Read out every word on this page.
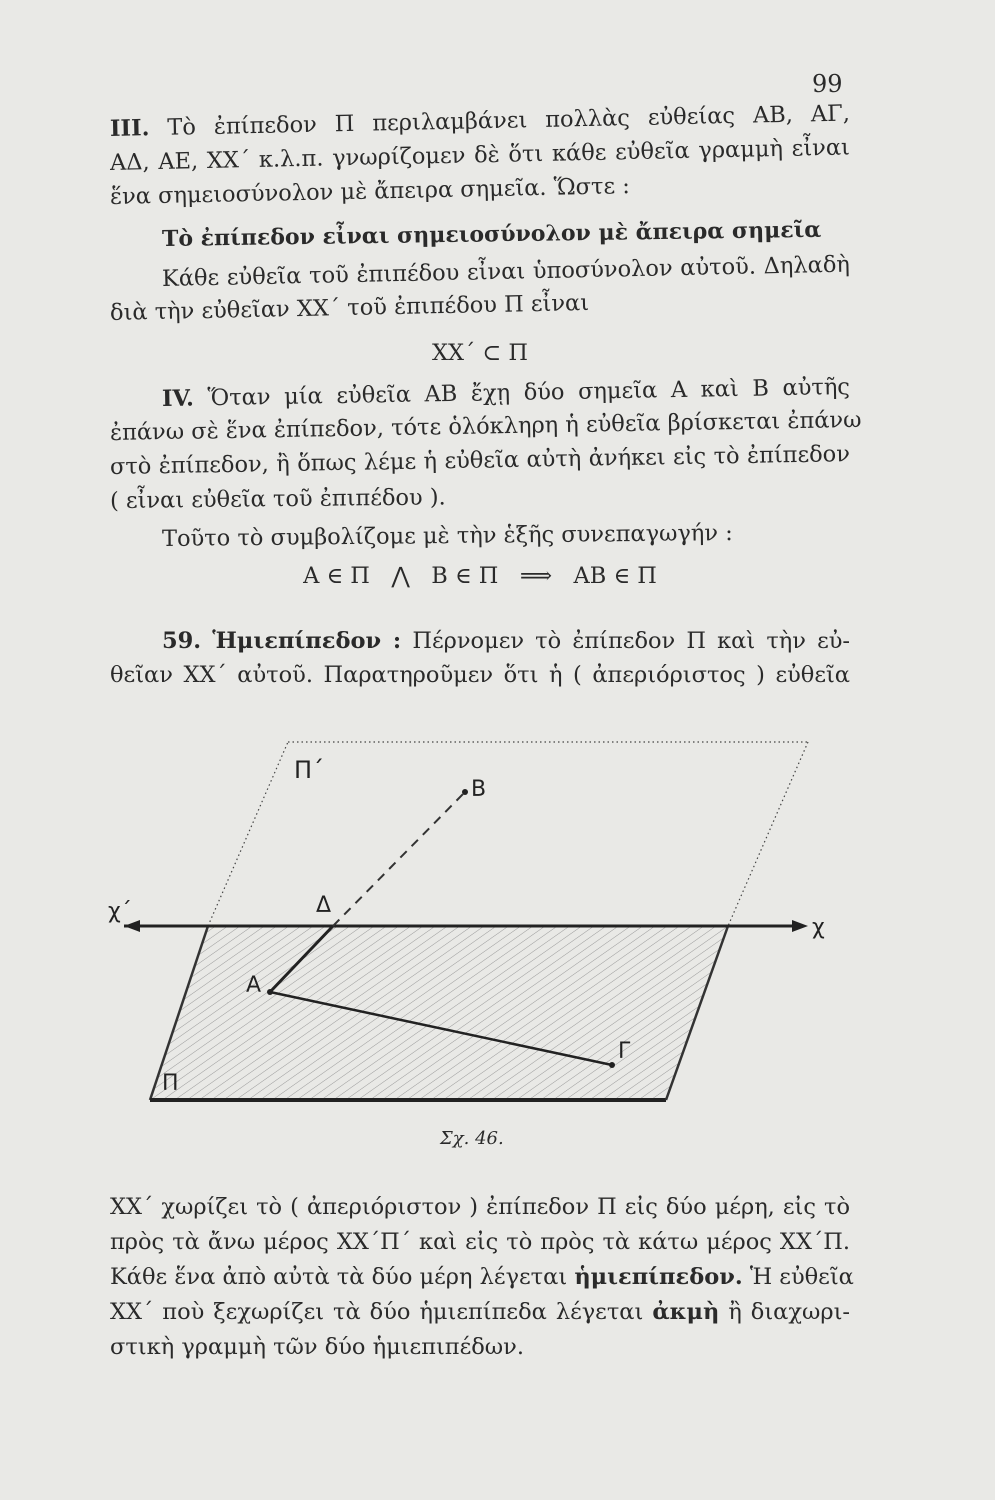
99
ΙΙΙ. Τὸ ἐπίπεδον Π περιλαμβάνει πολλὰς εὐθείας ΑΒ, ΑΓ,
ΑΔ, ΑΕ, ΧΧ΄ κ.λ.π. γνωρίζομεν δὲ ὅτι κάθε εὐθεῖα γραμμὴ εἶναι
ἕνα σημειοσύνολον μὲ ἄπειρα σημεῖα. Ὥστε :
Τὸ ἐπίπεδον εἶναι σημειοσύνολον μὲ ἄπειρα σημεῖα
Κάθε εὐθεῖα τοῦ ἐπιπέδου εἶναι ὑποσύνολον αὐτοῦ. Δηλαδὴ
διὰ τὴν εὐθεῖαν ΧΧ΄ τοῦ ἐπιπέδου Π εἶναι
ΧΧ΄ ⊂ Π
ΙV. Ὅταν μία εὐθεῖα ΑΒ ἔχῃ δύο σημεῖα Α καὶ Β αὐτῆς
ἐπάνω σὲ ἕνα ἐπίπεδον, τότε ὁλόκληρη ἡ εὐθεῖα βρίσκεται ἐπάνω
στὸ ἐπίπεδον, ἢ ὅπως λέμε ἡ εὐθεῖα αὐτὴ ἀνήκει εἰς τὸ ἐπίπεδον
( εἶναι εὐθεῖα τοῦ ἐπιπέδου ).
Τοῦτο τὸ συμβολίζομε μὲ τὴν ἑξῆς συνεπαγωγήν :
Α ∈ Π   ⋀   Β ∈ Π   ⟹   ΑΒ ∈ Π
59. Ἡμιεπίπεδον : Πέρνομεν τὸ ἐπίπεδον Π καὶ τὴν εὐ-
θεῖαν ΧΧ΄ αὐτοῦ. Παρατηροῦμεν ὅτι ἡ ( ἀπεριόριστος ) εὐθεῖα
Π΄
Π
Β
Δ
Α
Γ
χ΄
χ
Σχ. 46.
ΧΧ΄ χωρίζει τὸ ( ἀπεριόριστον ) ἐπίπεδον Π εἰς δύο μέρη, εἰς τὸ
πρὸς τὰ ἄνω μέρος ΧΧ΄Π΄ καὶ εἰς τὸ πρὸς τὰ κάτω μέρος ΧΧ΄Π.
Κάθε ἕνα ἀπὸ αὐτὰ τὰ δύο μέρη λέγεται ἡμιεπίπεδον. Ἡ εὐθεῖα
ΧΧ΄ ποὺ ξεχωρίζει τὰ δύο ἡμιεπίπεδα λέγεται ἀκμὴ ἢ διαχωρι-
στικὴ γραμμὴ τῶν δύο ἡμιεπιπέδων.
